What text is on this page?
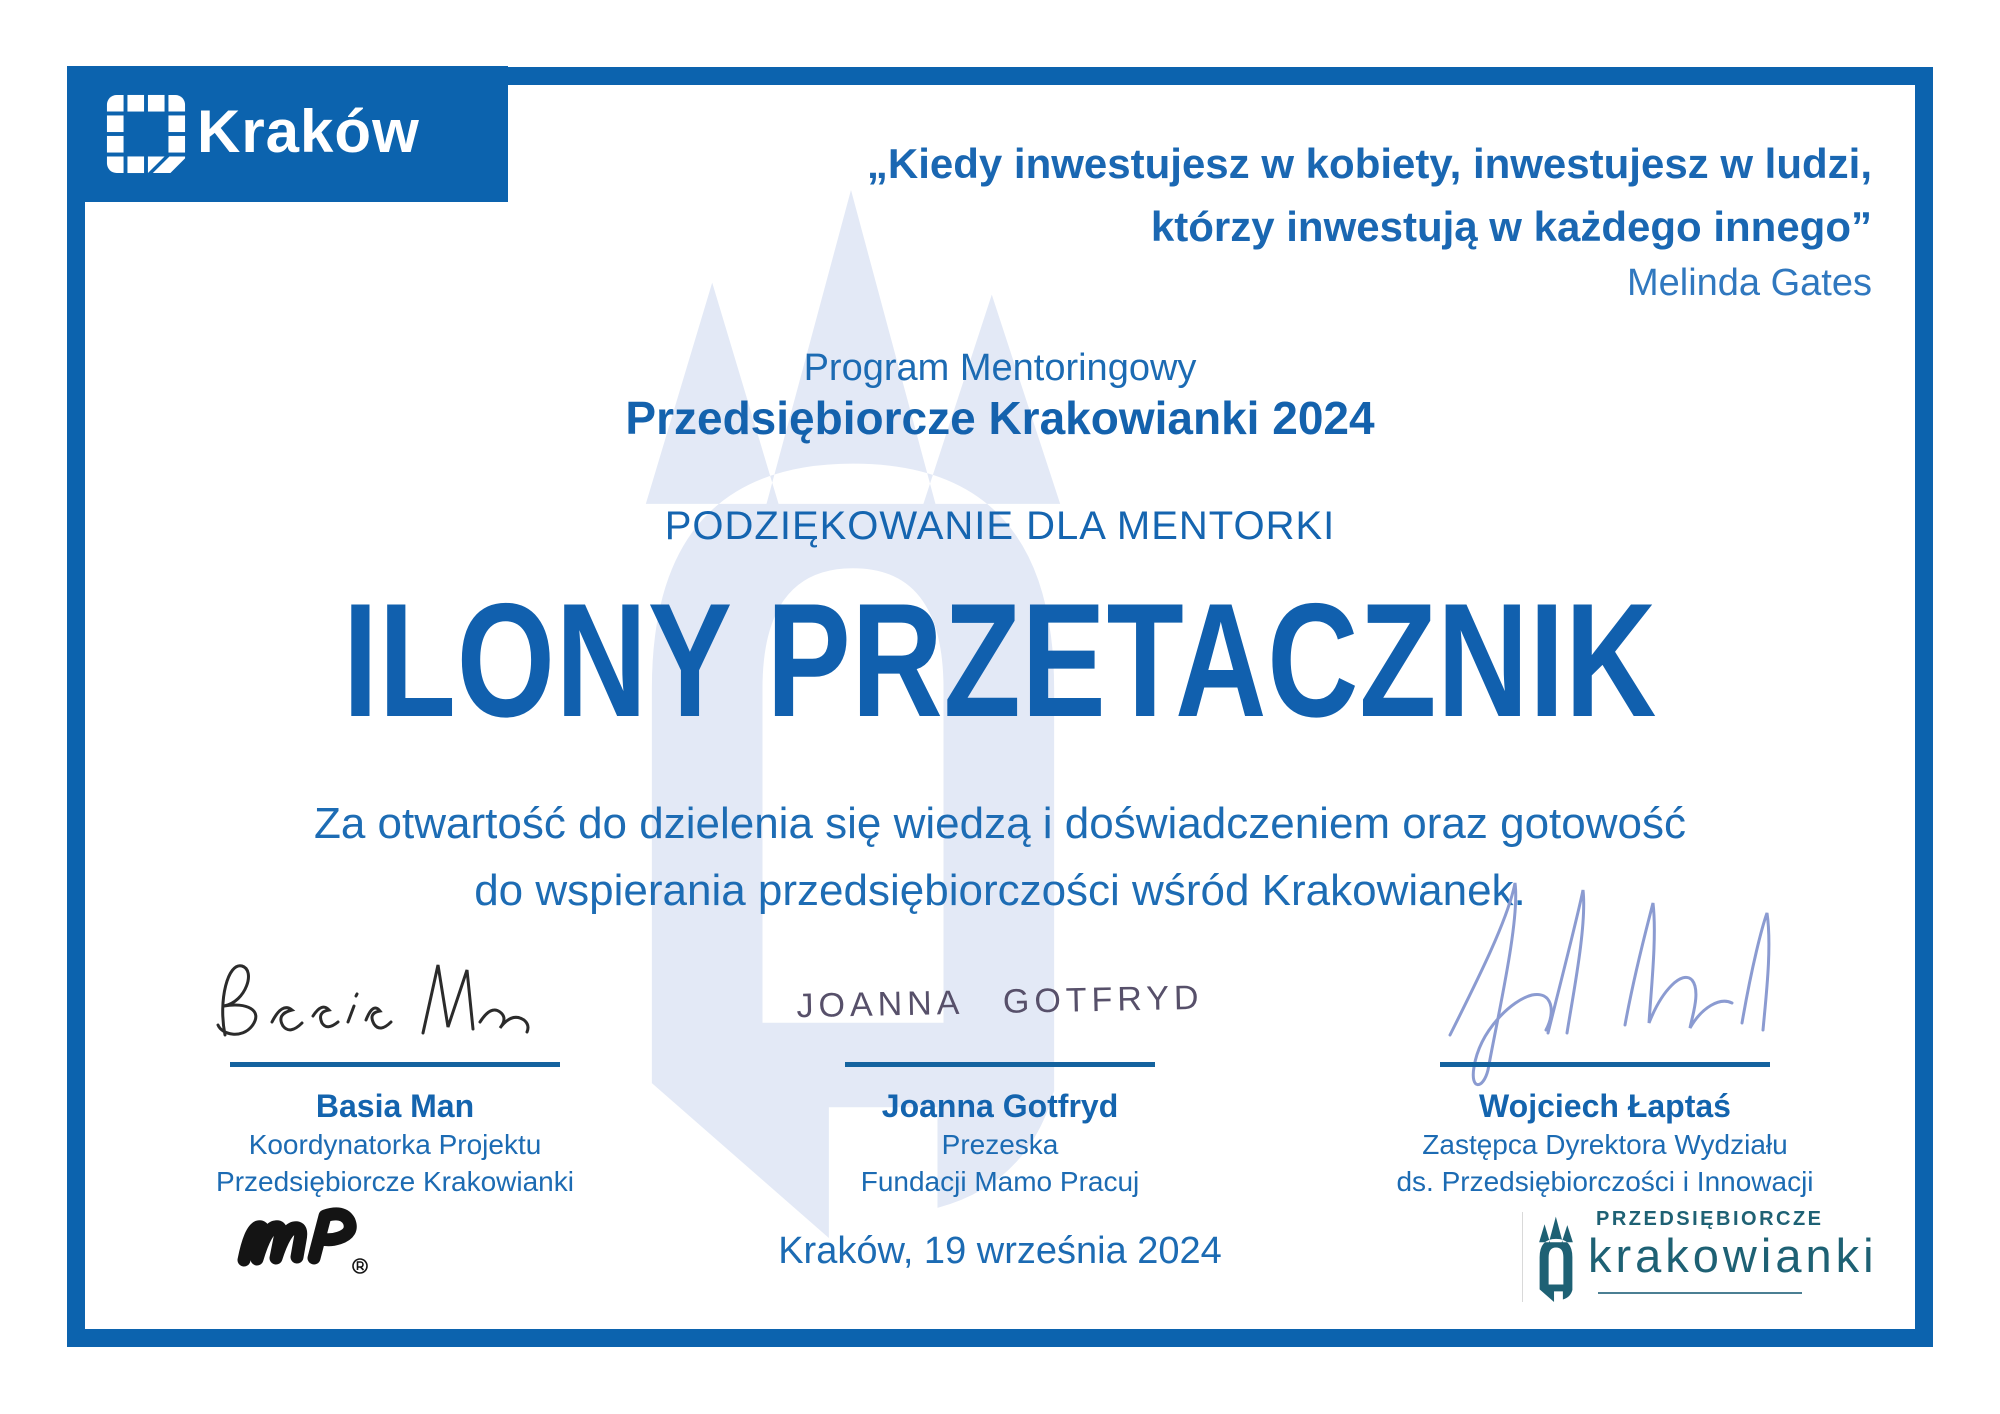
Kraków	„Kiedy inwestujesz w kobiety, inwestujesz w ludzi,
którzy inwestują w każdego innego”
Melinda Gates
Program Mentoringowy
Przedsiębiorcze Krakowianki 2024
PODZIĘKOWANIE DLA MENTORKI
ILONY PRZETACZNIK
Za otwartość do dzielenia się wiedzą i doświadczeniem oraz gotowość
do wspierania przedsiębiorczości wśród Krakowianek.
JOANNA GOTFRYD
Basia Man
Koordynatorka Projektu
Przedsiębiorcze Krakowianki
Joanna Gotfryd
Prezeska
Fundacji Mamo Pracuj
Wojciech Łaptaś
Zastępca Dyrektora Wydziału
ds. Przedsiębiorczości i Innowacji
Kraków, 19 września 2024
PRZEDSIĘBIORCZE
krakowianki
